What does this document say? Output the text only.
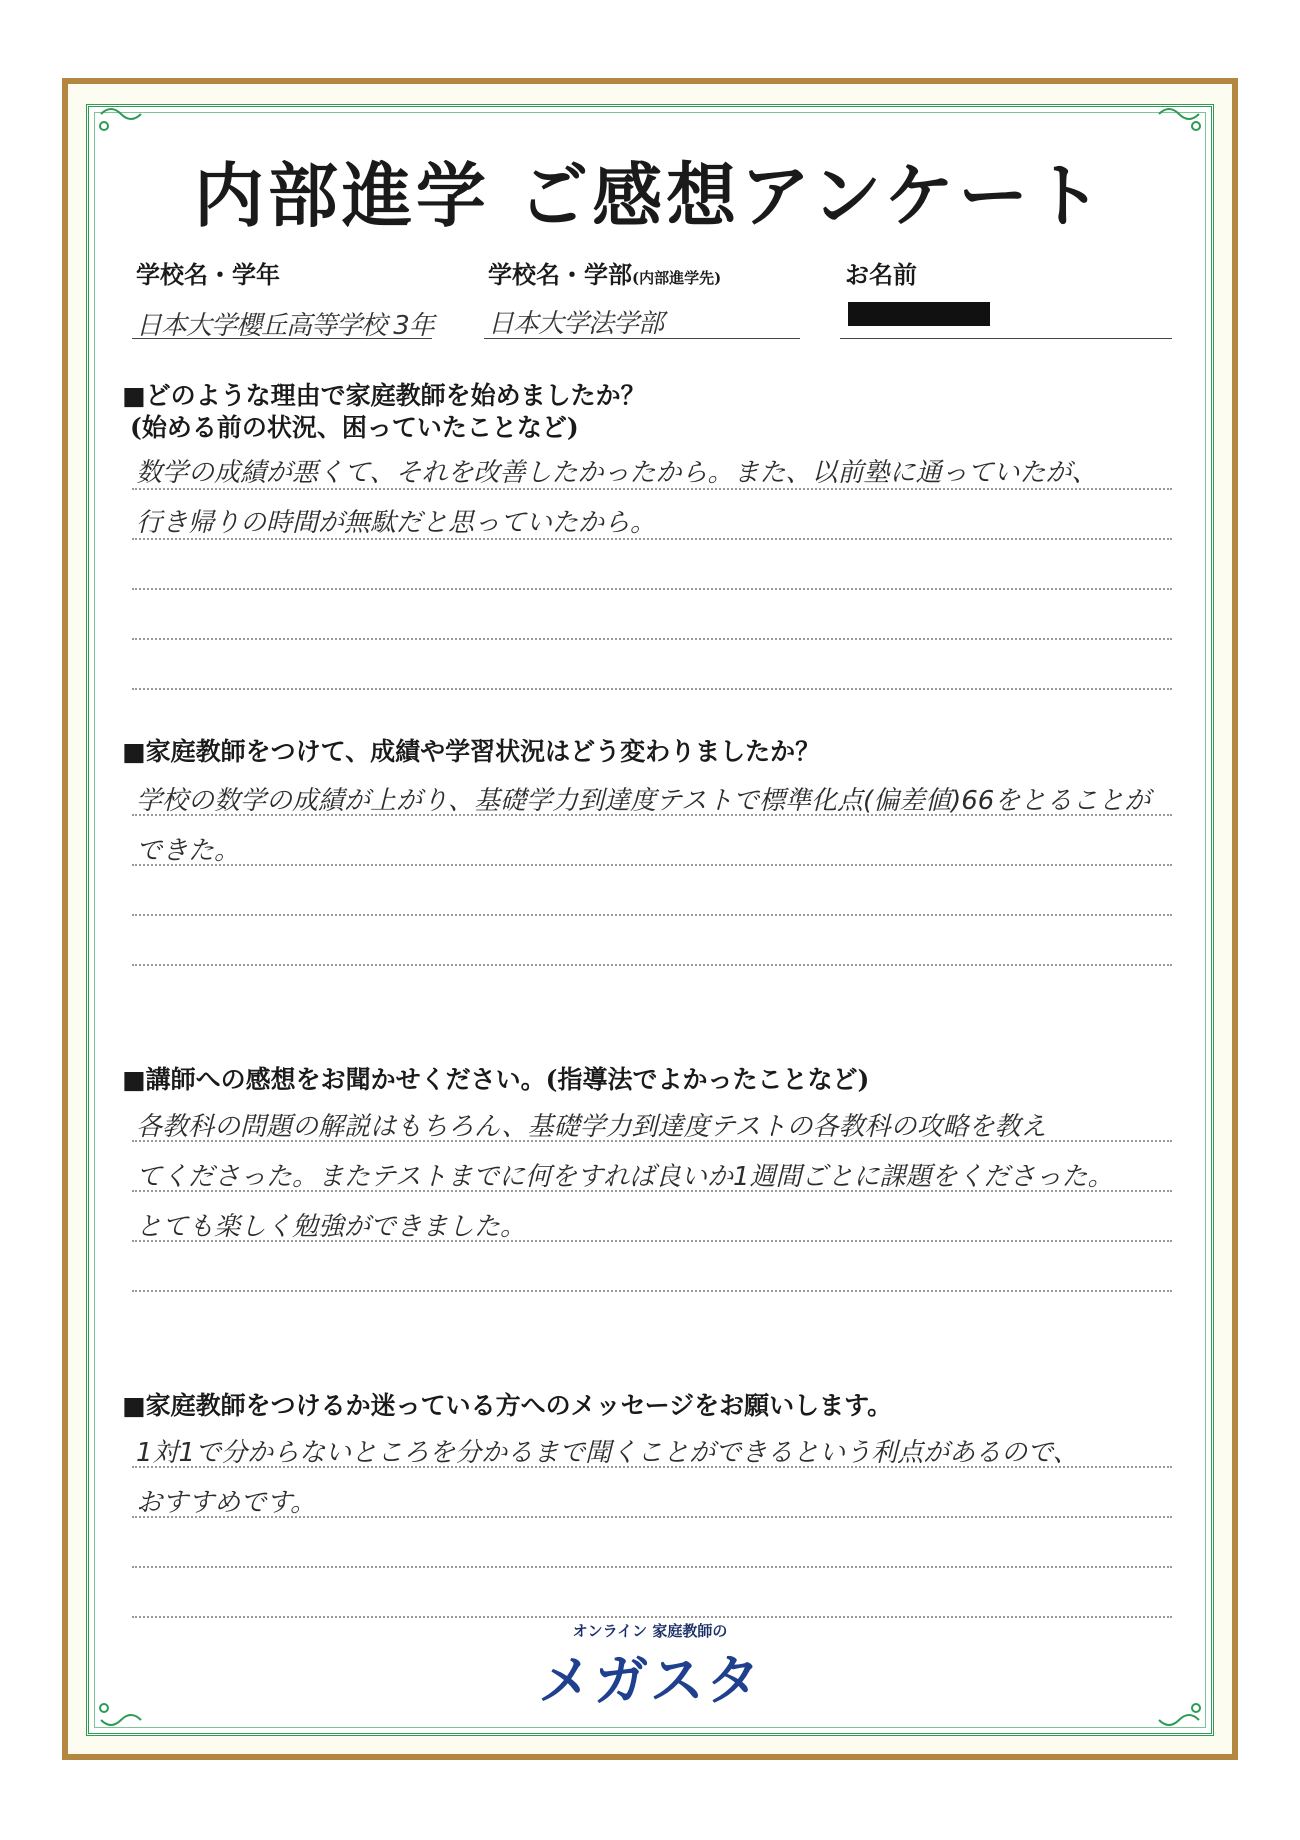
内部進学 ご感想アンケート
学校名・学年
日本大学櫻丘高等学校 3年
学校名・学部(内部進学先)
日本大学法学部
お名前
■どのような理由で家庭教師を始めましたか？
(始める前の状況、困っていたことなど)
数学の成績が悪くて、それを改善したかったから。また、以前塾に通っていたが、
行き帰りの時間が無駄だと思っていたから。
■家庭教師をつけて、成績や学習状況はどう変わりましたか？
学校の数学の成績が上がり、基礎学力到達度テストで標準化点(偏差値)66をとることが
できた。
■講師への感想をお聞かせください。(指導法でよかったことなど)
各教科の問題の解説はもちろん、基礎学力到達度テストの各教科の攻略を教え
てくださった。またテストまでに何をすれば良いか1週間ごとに課題をくださった。
とても楽しく勉強ができました。
■家庭教師をつけるか迷っている方へのメッセージをお願いします。
1対1で分からないところを分かるまで聞くことができるという利点があるので、
おすすめです。
オンライン 家庭教師の
メガスタ
